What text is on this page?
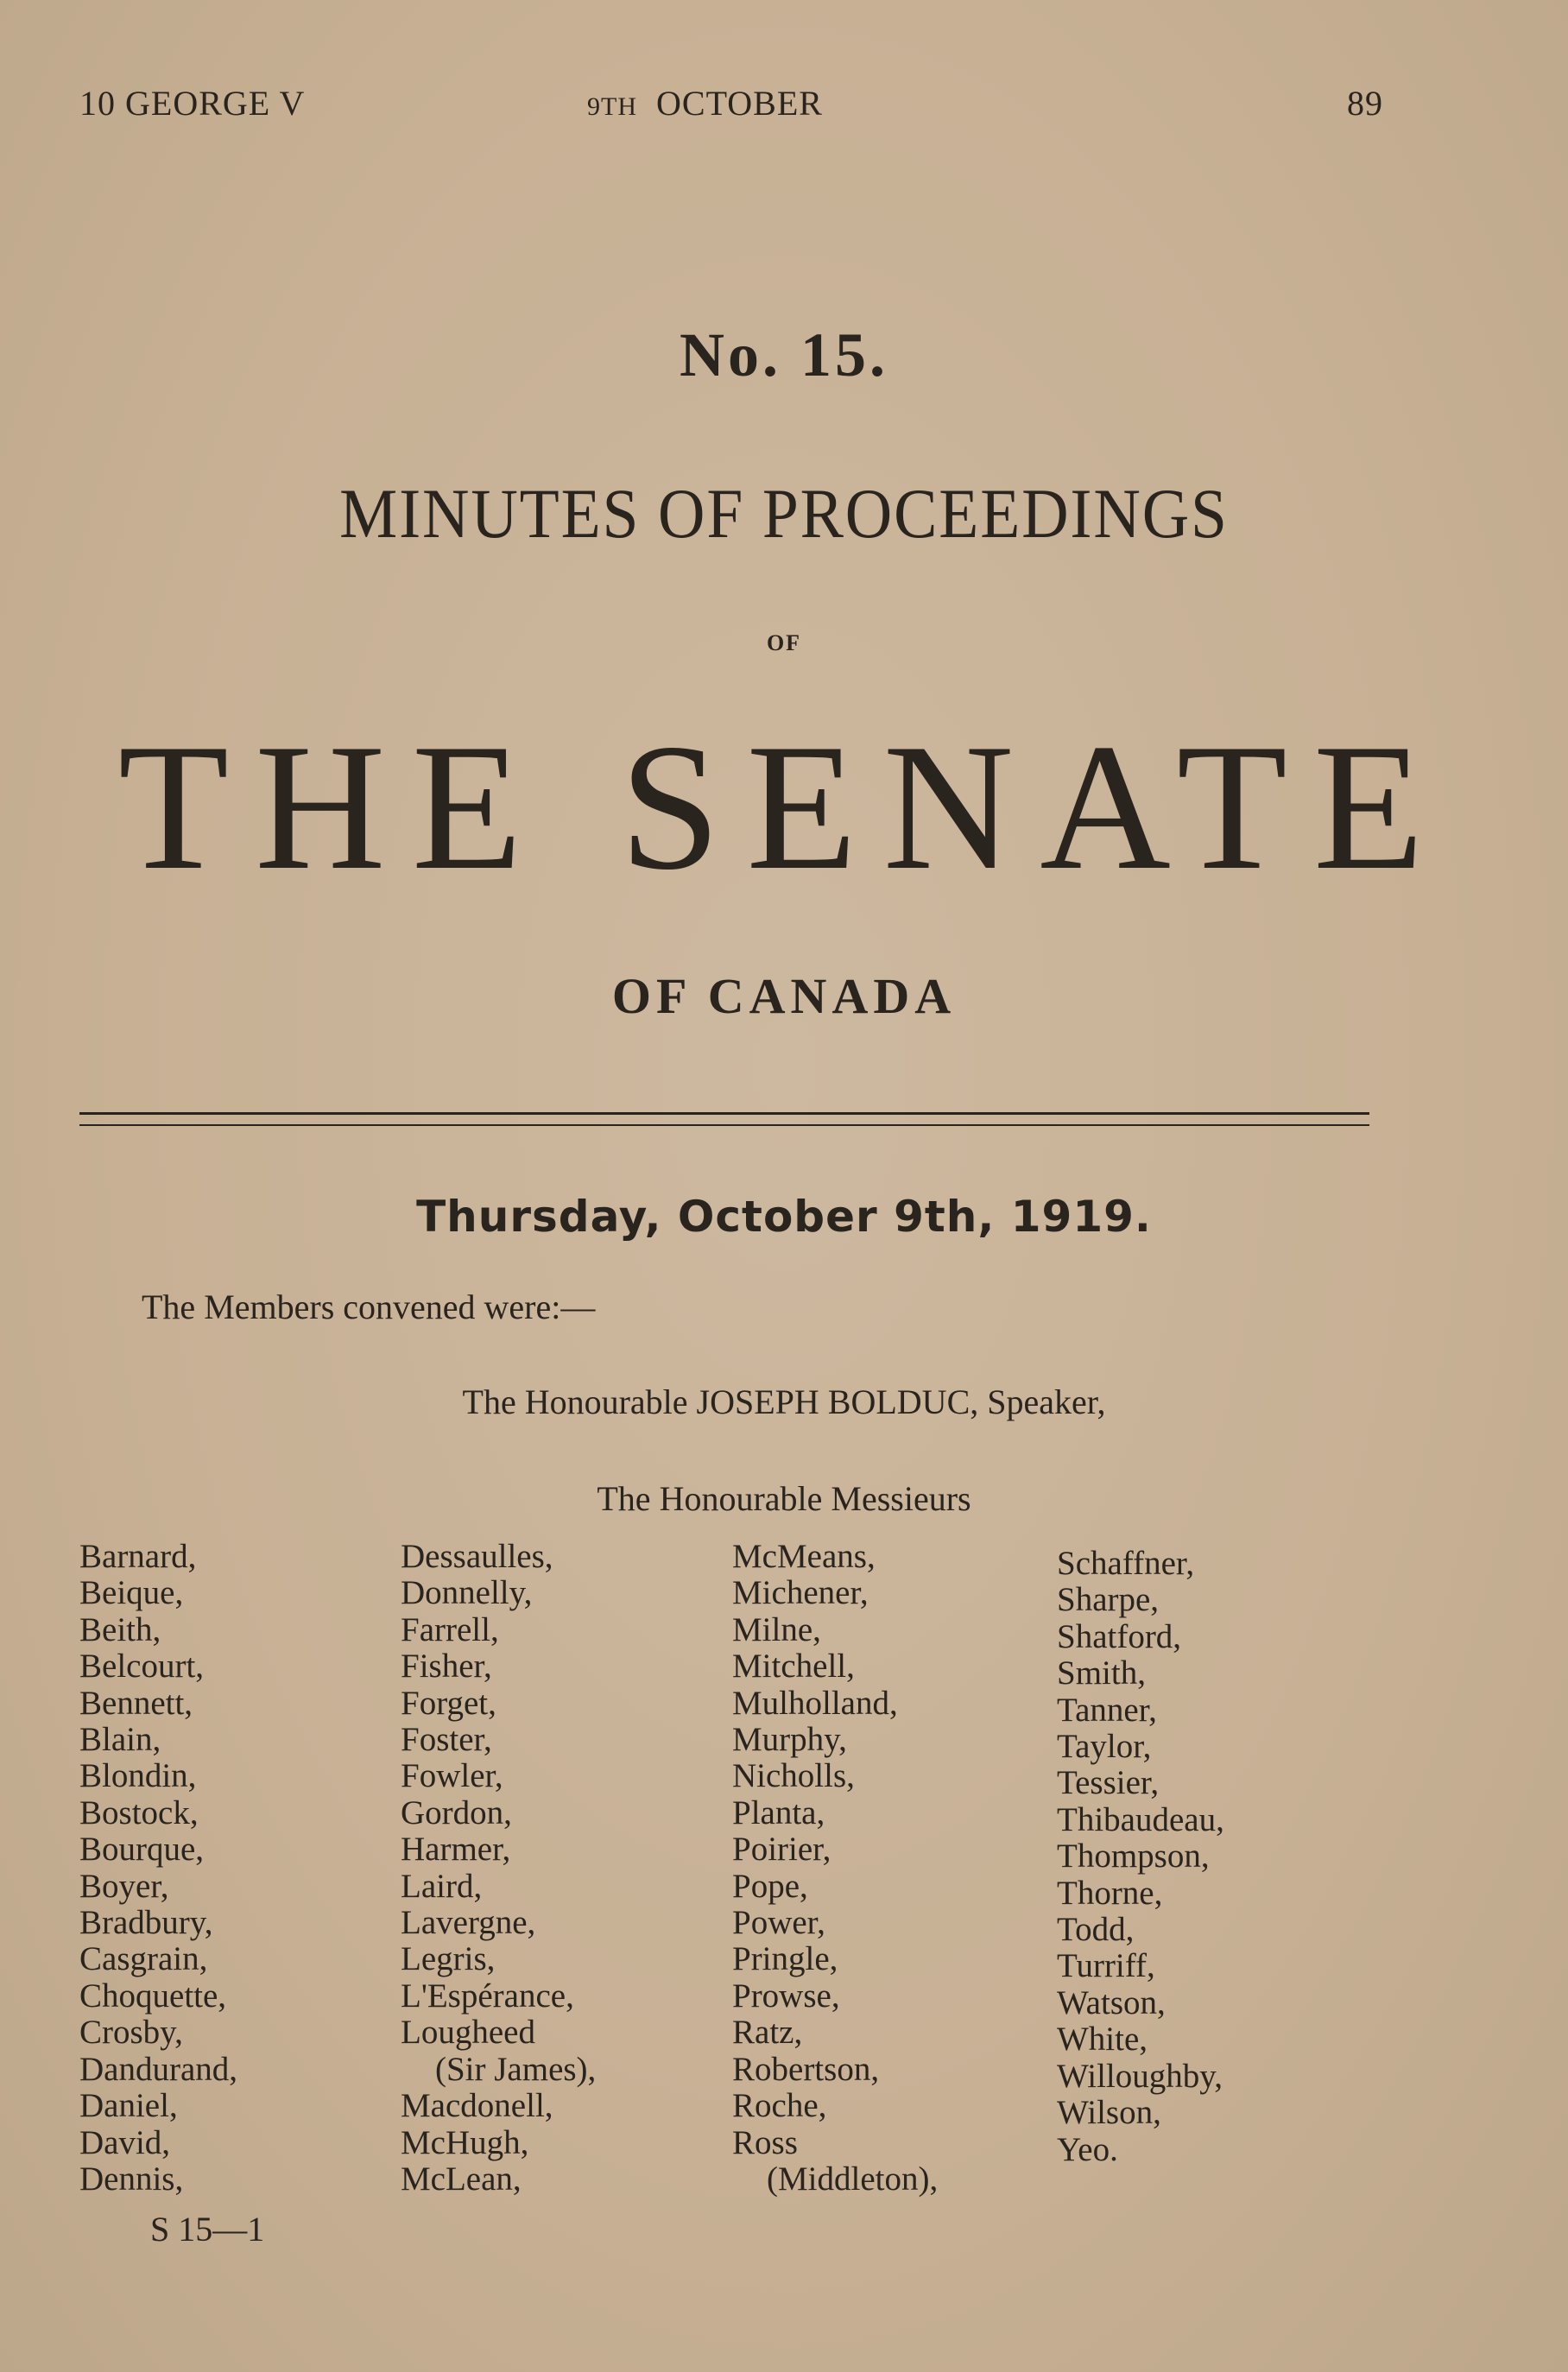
10 GEORGE V	9TH OCTOBER	89
No. 15.
MINUTES OF PROCEEDINGS
OF
THE SENATE
OF CANADA
Thursday, October 9th, 1919.
The Members convened were:—
The Honourable JOSEPH BOLDUC, Speaker,
The Honourable Messieurs
Barnard,
Beique,
Beith,
Belcourt,
Bennett,
Blain,
Blondin,
Bostock,
Bourque,
Boyer,
Bradbury,
Casgrain,
Choquette,
Crosby,
Dandurand,
Daniel,
David,
Dennis,
Dessaulles,
Donnelly,
Farrell,
Fisher,
Forget,
Foster,
Fowler,
Gordon,
Harmer,
Laird,
Lavergne,
Legris,
L'Espérance,
Lougheed
(Sir James),
Macdonell,
McHugh,
McLean,
McMeans,
Michener,
Milne,
Mitchell,
Mulholland,
Murphy,
Nicholls,
Planta,
Poirier,
Pope,
Power,
Pringle,
Prowse,
Ratz,
Robertson,
Roche,
Ross
(Middleton),
Schaffner,
Sharpe,
Shatford,
Smith,
Tanner,
Taylor,
Tessier,
Thibaudeau,
Thompson,
Thorne,
Todd,
Turriff,
Watson,
White,
Willoughby,
Wilson,
Yeo.
S 15—1
